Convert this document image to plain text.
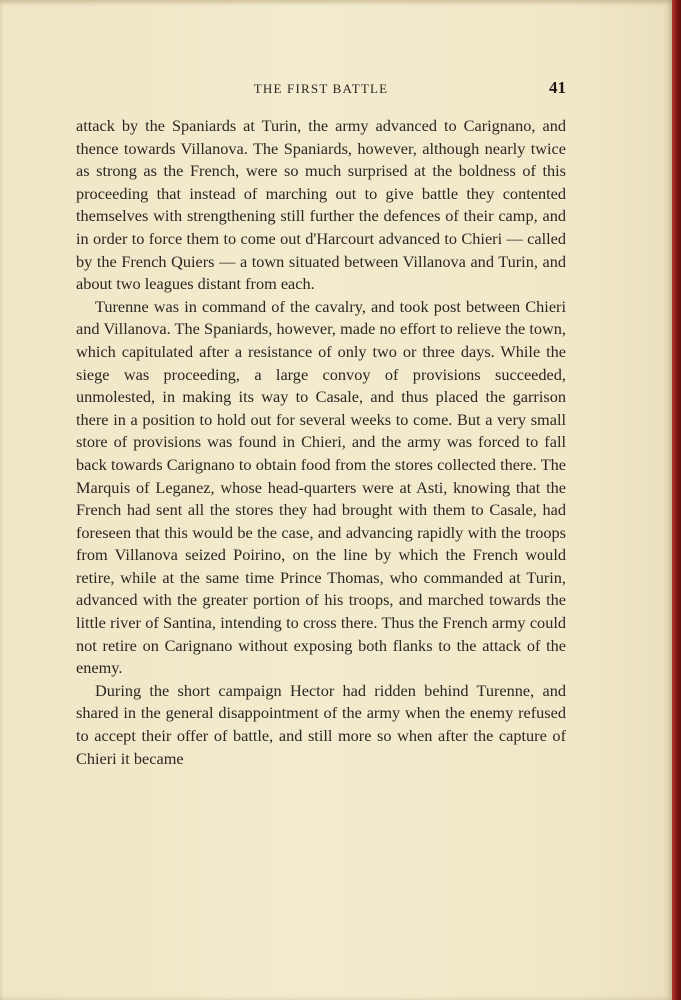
THE FIRST BATTLE	41

attack by the Spaniards at Turin, the army advanced to Carignano, and thence towards Villanova. The Spaniards, however, although nearly twice as strong as the French, were so much surprised at the boldness of this proceeding that instead of marching out to give battle they contented themselves with strengthening still further the defences of their camp, and in order to force them to come out d'Harcourt advanced to Chieri — called by the French Quiers — a town situated between Villanova and Turin, and about two leagues distant from each.

Turenne was in command of the cavalry, and took post between Chieri and Villanova. The Spaniards, however, made no effort to relieve the town, which capitulated after a resistance of only two or three days. While the siege was proceeding, a large convoy of provisions succeeded, unmolested, in making its way to Casale, and thus placed the garrison there in a position to hold out for several weeks to come. But a very small store of provisions was found in Chieri, and the army was forced to fall back towards Carignano to obtain food from the stores collected there. The Marquis of Leganez, whose head-quarters were at Asti, knowing that the French had sent all the stores they had brought with them to Casale, had foreseen that this would be the case, and advancing rapidly with the troops from Villanova seized Poirino, on the line by which the French would retire, while at the same time Prince Thomas, who commanded at Turin, advanced with the greater portion of his troops, and marched towards the little river of Santina, intending to cross there. Thus the French army could not retire on Carignano without exposing both flanks to the attack of the enemy.

During the short campaign Hector had ridden behind Turenne, and shared in the general disappointment of the army when the enemy refused to accept their offer of battle, and still more so when after the capture of Chieri it became
